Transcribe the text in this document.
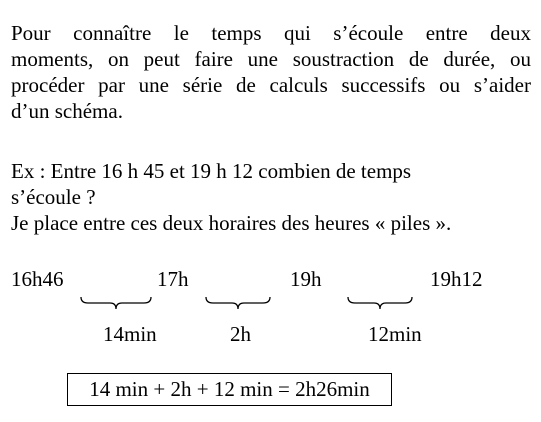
Pour connaître le temps qui s’écoule entre deux
moments, on peut faire une soustraction de durée, ou
procéder par une série de calculs successifs ou s’aider
d’un schéma.
Ex : Entre 16 h 45 et 19 h 12 combien de temps
s’écoule ?
Je place entre ces deux horaires des heures « piles ».
16h46	17h	19h	19h12
14min	2h	12min
14 min + 2h + 12 min = 2h26min
